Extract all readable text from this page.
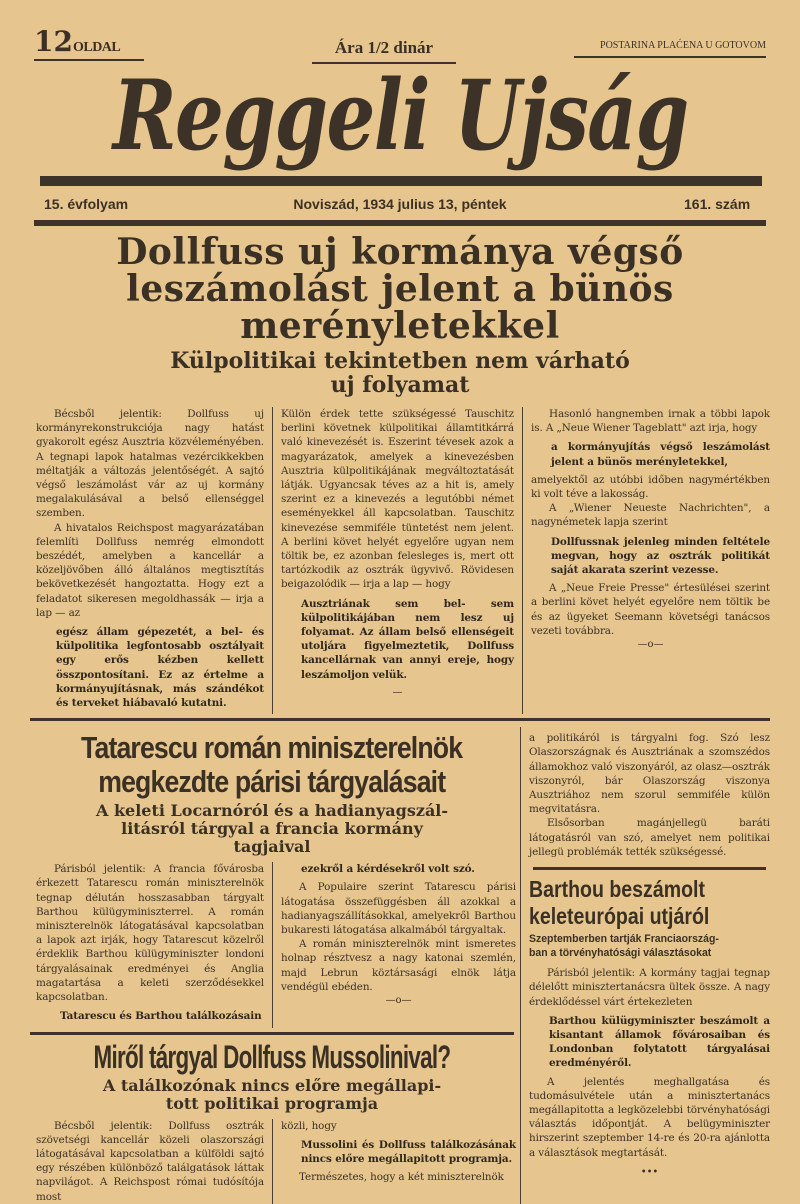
12OLDAL	Ára 1/2 dinár	POSTARINA PLAĆENA U GOTOVOM
Reggeli Ujság
15. évfolyam	Noviszád, 1934 julius 13, péntek	161. szám
Dollfuss uj kormánya végső
leszámolást jelent a bünös
merényletekkel
Külpolitikai tekintetben nem várható
uj folyamat

Bécsből jelentik: Dollfuss uj kormányrekonstrukciója nagy hatást gyakorolt egész Ausztria közvéleményében. A tegnapi lapok hatalmas vezércikkekben méltatják a változás jelentőségét. A sajtó végső leszámolást vár az uj kormány megalakulásával a belső ellenséggel szemben.

A hivatalos Reichspost magyarázatában felemlíti Dollfuss nemrég elmondott beszédét, amelyben a kancellár a közeljövőben álló általános megtisztítás bekövetkezését hangoztatta. Hogy ezt a feladatot sikeresen megoldhassák — irja a lap — az

egész állam gépezetét, a bel- és külpolitika legfontosabb osztályait egy erős kézben kellett összpontosítani. Ez az értelme a kormányujításnak, más szándékot és terveket hiábavaló kutatni.

Külön érdek tette szükségessé Tauschitz berlini követnek külpolitikai államtitkárrá való kinevezését is. Eszerint tévesek azok a magyarázatok, amelyek a kinevezésben Ausztria külpolitikájának megváltoztatását látják. Ugyancsak téves az a hit is, amely szerint ez a kinevezés a legutóbbi német eseményekkel áll kapcsolatban. Tauschitz kinevezése semmiféle tüntetést nem jelent. A berlini követ helyét egyelőre ugyan nem töltik be, ez azonban felesleges is, mert ott tartózkodik az osztrák ügyvivő. Rövidesen beigazolódik — irja a lap — hogy

Ausztriának sem bel- sem külpolitikájában nem lesz uj folyamat. Az állam belső ellenségeit utoljára figyelmeztetik, Dollfuss kancellárnak van annyi ereje, hogy leszámoljon velük.

—

Hasonló hangnemben irnak a többi lapok is. A „Neue Wiener Tageblatt" azt irja, hogy

a kormányujítás végső leszámolást jelent a bünös merényletekkel,

amelyektől az utóbbi időben nagymértékben ki volt téve a lakosság.

A „Wiener Neueste Nachrichten", a nagynémetek lapja szerint

Dollfussnak jelenleg minden feltétele megvan, hogy az osztrák politikát saját akarata szerint vezesse.

A „Neue Freie Presse" értesülései szerint a berlini követ helyét egyelőre nem töltik be és az ügyeket Seemann követségi tanácsos vezeti továbbra.

—o—

Tatarescu román miniszterelnök
megkezdte párisi tárgyalásait
A keleti Locarnóról és a hadianyagszál-
litásról tárgyal a francia kormány
tagjaival

Párisból jelentik: A francia fővárosba érkezett Tatarescu román miniszterelnök tegnap délután hosszasabban tárgyalt Barthou külügyminiszterrel. A román miniszterelnök látogatásával kapcsolatban a lapok azt irják, hogy Tatarescut közelről érdeklik Barthou külügyminiszter londoni tárgyalásainak eredményei és Anglia magatartása a keleti szerződésekkel kapcsolatban.

Tatarescu és Barthou találkozásain

ezekről a kérdésekről volt szó.

A Populaire szerint Tatarescu párisi látogatása összefüggésben áll azokkal a hadianyagszállításokkal, amelyekről Barthou bukaresti látogatása alkalmából tárgyaltak.

A román miniszterelnök mint ismeretes holnap résztvesz a nagy katonai szemlén, majd Lebrun köztársasági elnök látja vendégül ebéden.

—o—

Miről tárgyal Dollfuss Mussolinival?
A találkozónak nincs előre megállapi-
tott politikai programja

Bécsből jelentik: Dollfuss osztrák szövetségi kancellár közeli olaszországi látogatásával kapcsolatban a külföldi sajtó egy részében különböző találgatások láttak napvilágot. A Reichspost római tudósítója most

közli, hogy

Mussolini és Dollfuss találkozásának nincs előre megállapitott programja.

Természetes, hogy a két miniszterelnök

a politikáról is tárgyalni fog. Szó lesz Olaszországnak és Ausztriának a szomszédos államokhoz való viszonyáról, az olasz—osztrák viszonyról, bár Olaszország viszonya Ausztriához nem szorul semmiféle külön megvitatásra.

Elsősorban magánjellegü baráti látogatásról van szó, amelyet nem politikai jellegü problémák tették szükségessé.

Barthou beszámolt
keleteurópai utjáról
Szeptemberben tartják Franciaország-
ban a törvényhatósági választásokat

Párisból jelentik: A kormány tagjai tegnap délelőtt minisztertanácsra ültek össze. A nagy érdeklődéssel várt értekezleten

Barthou külügyminiszter beszámolt a kisantant államok fővárosaiban és Londonban folytatott tárgyalásai eredményéről.

A jelentés meghallgatása és tudomásulvétele után a minisztertanács megállapitotta a legközelebbi törvényhatósági választás időpontját. A belügyminiszter hirszerint szeptember 14-re és 20-ra ajánlotta a választások megtartását.

•••
